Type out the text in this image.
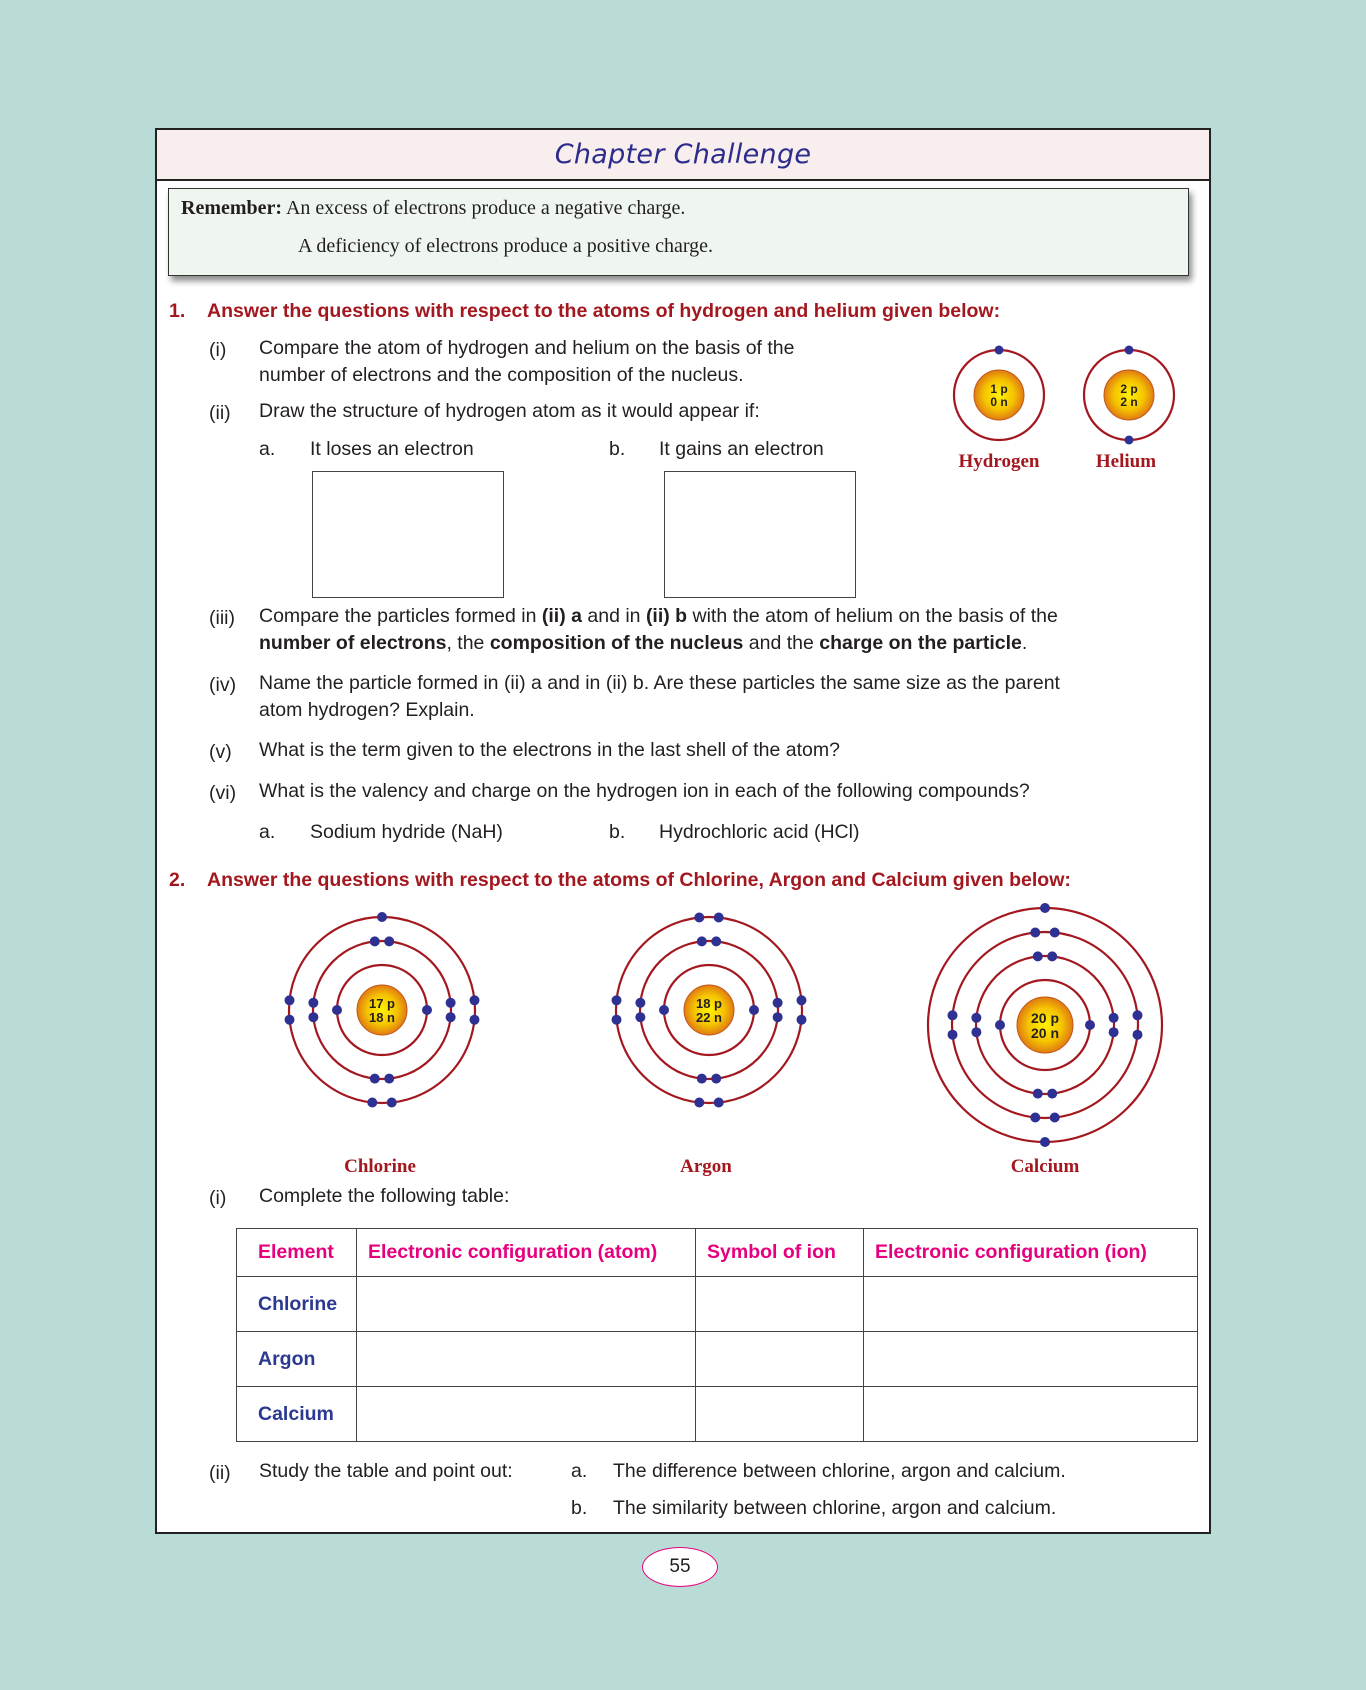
Chapter Challenge
Remember: An excess of electrons produce a negative charge.
A deficiency of electrons produce a positive charge.
1. Answer the questions with respect to the atoms of hydrogen and helium given below:
(i) Compare the atom of hydrogen and helium on the basis of the
number of electrons and the composition of the nucleus.
(ii) Draw the structure of hydrogen atom as it would appear if:
a. It loses an electron	b. It gains an electron
1 p
0 n
2 p
2 n
Hydrogen	Helium
(iii) Compare the particles formed in (ii) a and in (ii) b with the atom of helium on the basis of the
number of electrons, the composition of the nucleus and the charge on the particle.
(iv) Name the particle formed in (ii) a and in (ii) b. Are these particles the same size as the parent
atom hydrogen? Explain.
(v) What is the term given to the electrons in the last shell of the atom?
(vi) What is the valency and charge on the hydrogen ion in each of the following compounds?
a. Sodium hydride (NaH)	b. Hydrochloric acid (HCl)
2. Answer the questions with respect to the atoms of Chlorine, Argon and Calcium given below:
17 p
18 n
18 p
22 n	20 p
20 n
Chlorine	Argon	Calcium
(i) Complete the following table:
Element	Electronic configuration (atom)	Symbol of ion	Electronic configuration (ion)
Chlorine			
Argon			
Calcium			
(ii) Study the table and point out:	a. The difference between chlorine, argon and calcium.
b. The similarity between chlorine, argon and calcium.
55
